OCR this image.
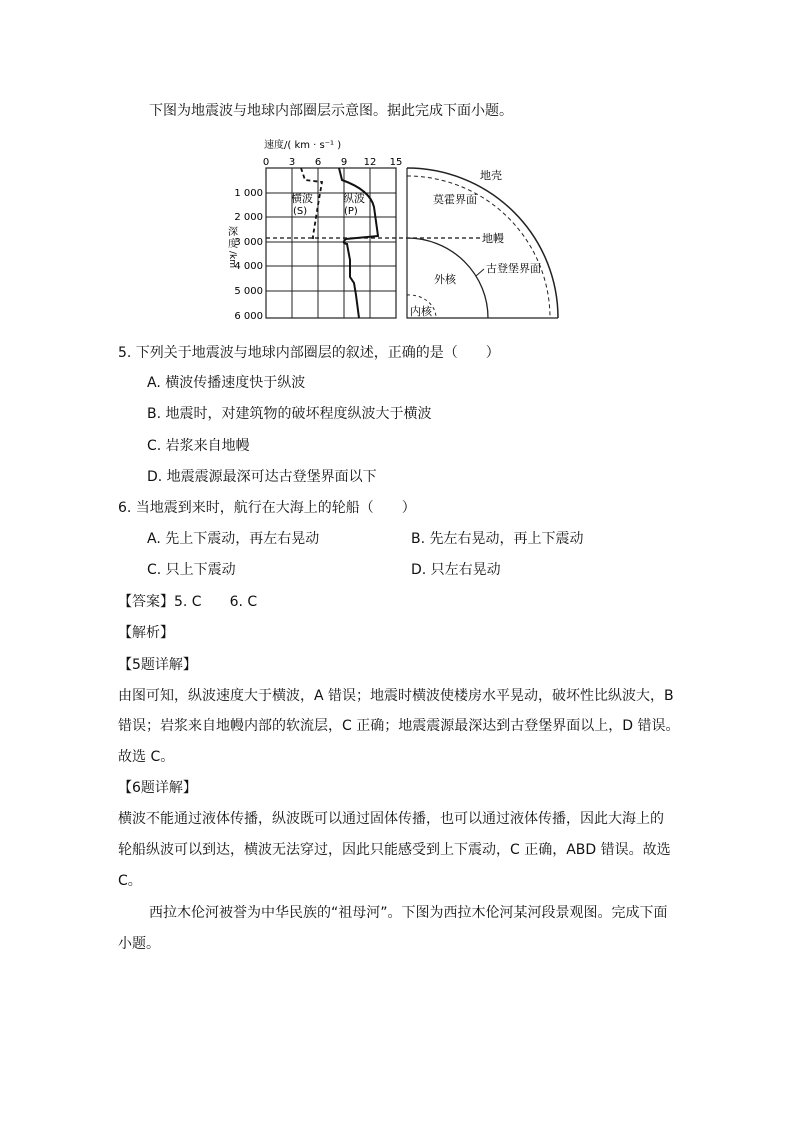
下图为地震波与地球内部圈层示意图。据此完成下面小题。
速度/( km · s⁻¹ )
0 3 6 9 12 15
1 000
2 000
3 000
4 000
5 000
6 000
深
度
/km
横波
(S)
纵波
(P)
地壳
莫霍界面
地幔
古登堡界面
外核
内核
5. 下列关于地震波与地球内部圈层的叙述，正确的是（　　）
A. 横波传播速度快于纵波
B. 地震时，对建筑物的破坏程度纵波大于横波
C. 岩浆来自地幔
D. 地震震源最深可达古登堡界面以下
6. 当地震到来时，航行在大海上的轮船（　　）
A. 先上下震动，再左右晃动	B. 先左右晃动，再上下震动
C. 只上下震动	D. 只左右晃动
【答案】5. C　　6. C
【解析】
【5题详解】
由图可知，纵波速度大于横波，A 错误；地震时横波使楼房水平晃动，破坏性比纵波大，B
错误；岩浆来自地幔内部的软流层，C 正确；地震震源最深达到古登堡界面以上，D 错误。
故选 C。
【6题详解】
横波不能通过液体传播，纵波既可以通过固体传播，也可以通过液体传播，因此大海上的
轮船纵波可以到达，横波无法穿过，因此只能感受到上下震动，C 正确，ABD 错误。故选
C。
西拉木伦河被誉为中华民族的“祖母河”。下图为西拉木伦河某河段景观图。完成下面
小题。
